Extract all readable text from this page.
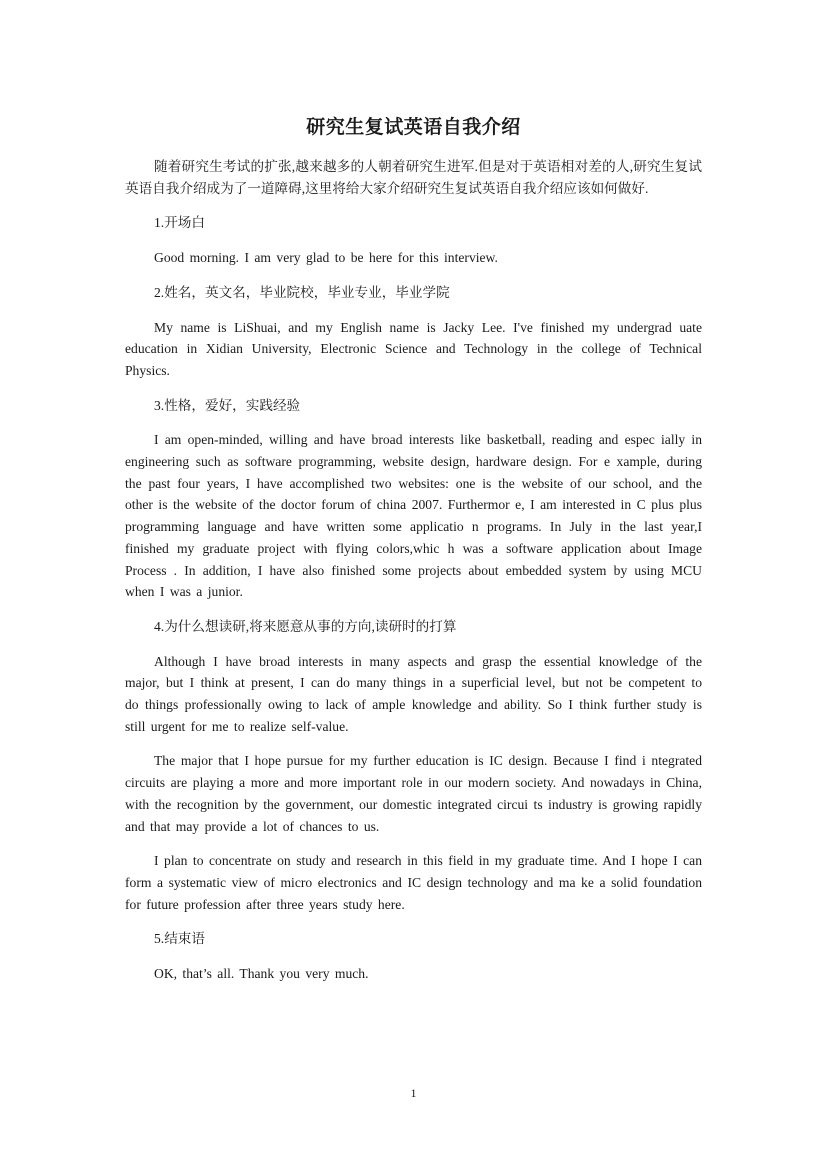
研究生复试英语自我介绍

随着研究生考试的扩张,越来越多的人朝着研究生进军.但是对于英语相对差的人,研究生复试英语自我介绍成为了一道障碍,这里将给大家介绍研究生复试英语自我介绍应该如何做好.

1.开场白

Good morning. I am very glad to be here for this interview.

2.姓名，英文名，毕业院校，毕业专业，毕业学院

My name is LiShuai, and my English name is Jacky Lee. I've finished my undergrad uate education in Xidian University, Electronic Science and Technology in the college of Technical Physics.

3.性格，爱好，实践经验

I am open-minded, willing and have broad interests like basketball, reading and espec ially in engineering such as software programming, website design, hardware design. For e xample, during the past four years, I have accomplished two websites: one is the website of our school, and the other is the website of the doctor forum of china 2007. Furthermor e, I am interested in C plus plus programming language and have written some applicatio n programs. In July in the last year,I finished my graduate project with flying colors,whic h was a software application about Image Process . In addition, I have also finished some projects about embedded system by using MCU when I was a junior.

4.为什么想读研,将来愿意从事的方向,读研时的打算

Although I have broad interests in many aspects and grasp the essential knowledge of the major, but I think at present, I can do many things in a superficial level, but not be competent to do things professionally owing to lack of ample knowledge and ability. So I think further study is still urgent for me to realize self-value.

The major that I hope pursue for my further education is IC design. Because I find i ntegrated circuits are playing a more and more important role in our modern society. And nowadays in China, with the recognition by the government, our domestic integrated circui ts industry is growing rapidly and that may provide a lot of chances to us.

I plan to concentrate on study and research in this field in my graduate time. And I hope I can form a systematic view of micro electronics and IC design technology and ma ke a solid foundation for future profession after three years study here.

5.结束语

OK, that’s all. Thank you very much.

1
